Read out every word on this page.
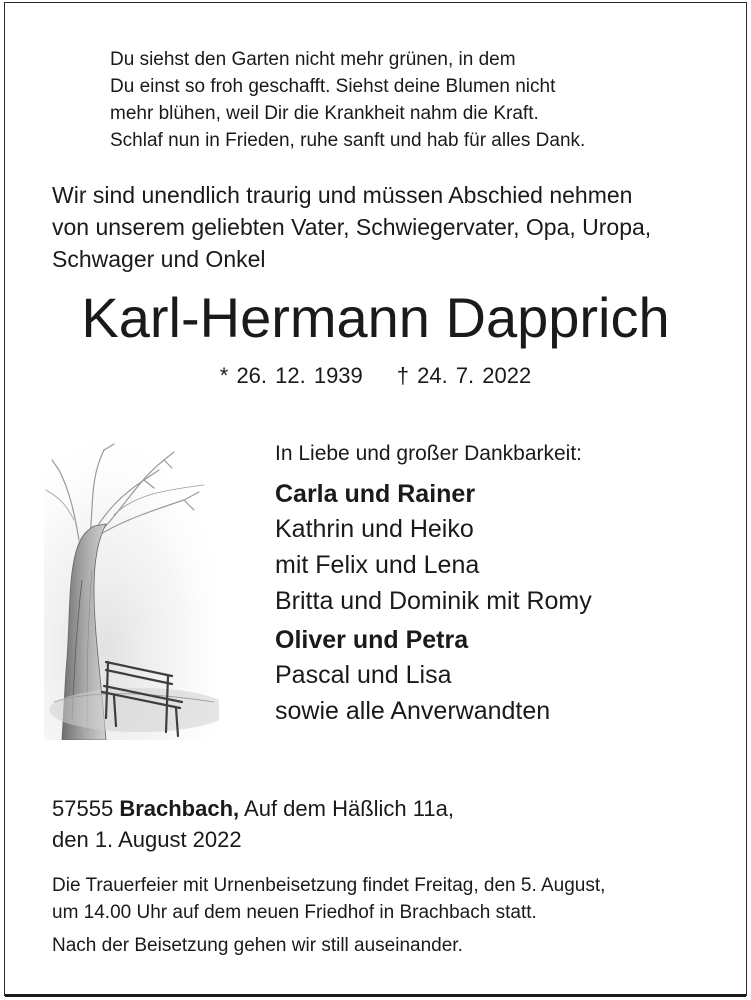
Du siehst den Garten nicht mehr grünen, in dem
Du einst so froh geschafft. Siehst deine Blumen nicht
mehr blühen, weil Dir die Krankheit nahm die Kraft.
Schlaf nun in Frieden, ruhe sanft und hab für alles Dank.
Wir sind unendlich traurig und müssen Abschied nehmen
von unserem geliebten Vater, Schwiegervater, Opa, Uropa,
Schwager und Onkel
Karl-Hermann Dapprich
* 26. 12. 1939 † 24. 7. 2022
In Liebe und großer Dankbarkeit:
Carla und Rainer
Kathrin und Heiko
mit Felix und Lena
Britta und Dominik mit Romy
Oliver und Petra
Pascal und Lisa
sowie alle Anverwandten
57555 Brachbach, Auf dem Häßlich 11a,
den 1. August 2022
Die Trauerfeier mit Urnenbeisetzung findet Freitag, den 5. August,
um 14.00 Uhr auf dem neuen Friedhof in Brachbach statt.
Nach der Beisetzung gehen wir still auseinander.
